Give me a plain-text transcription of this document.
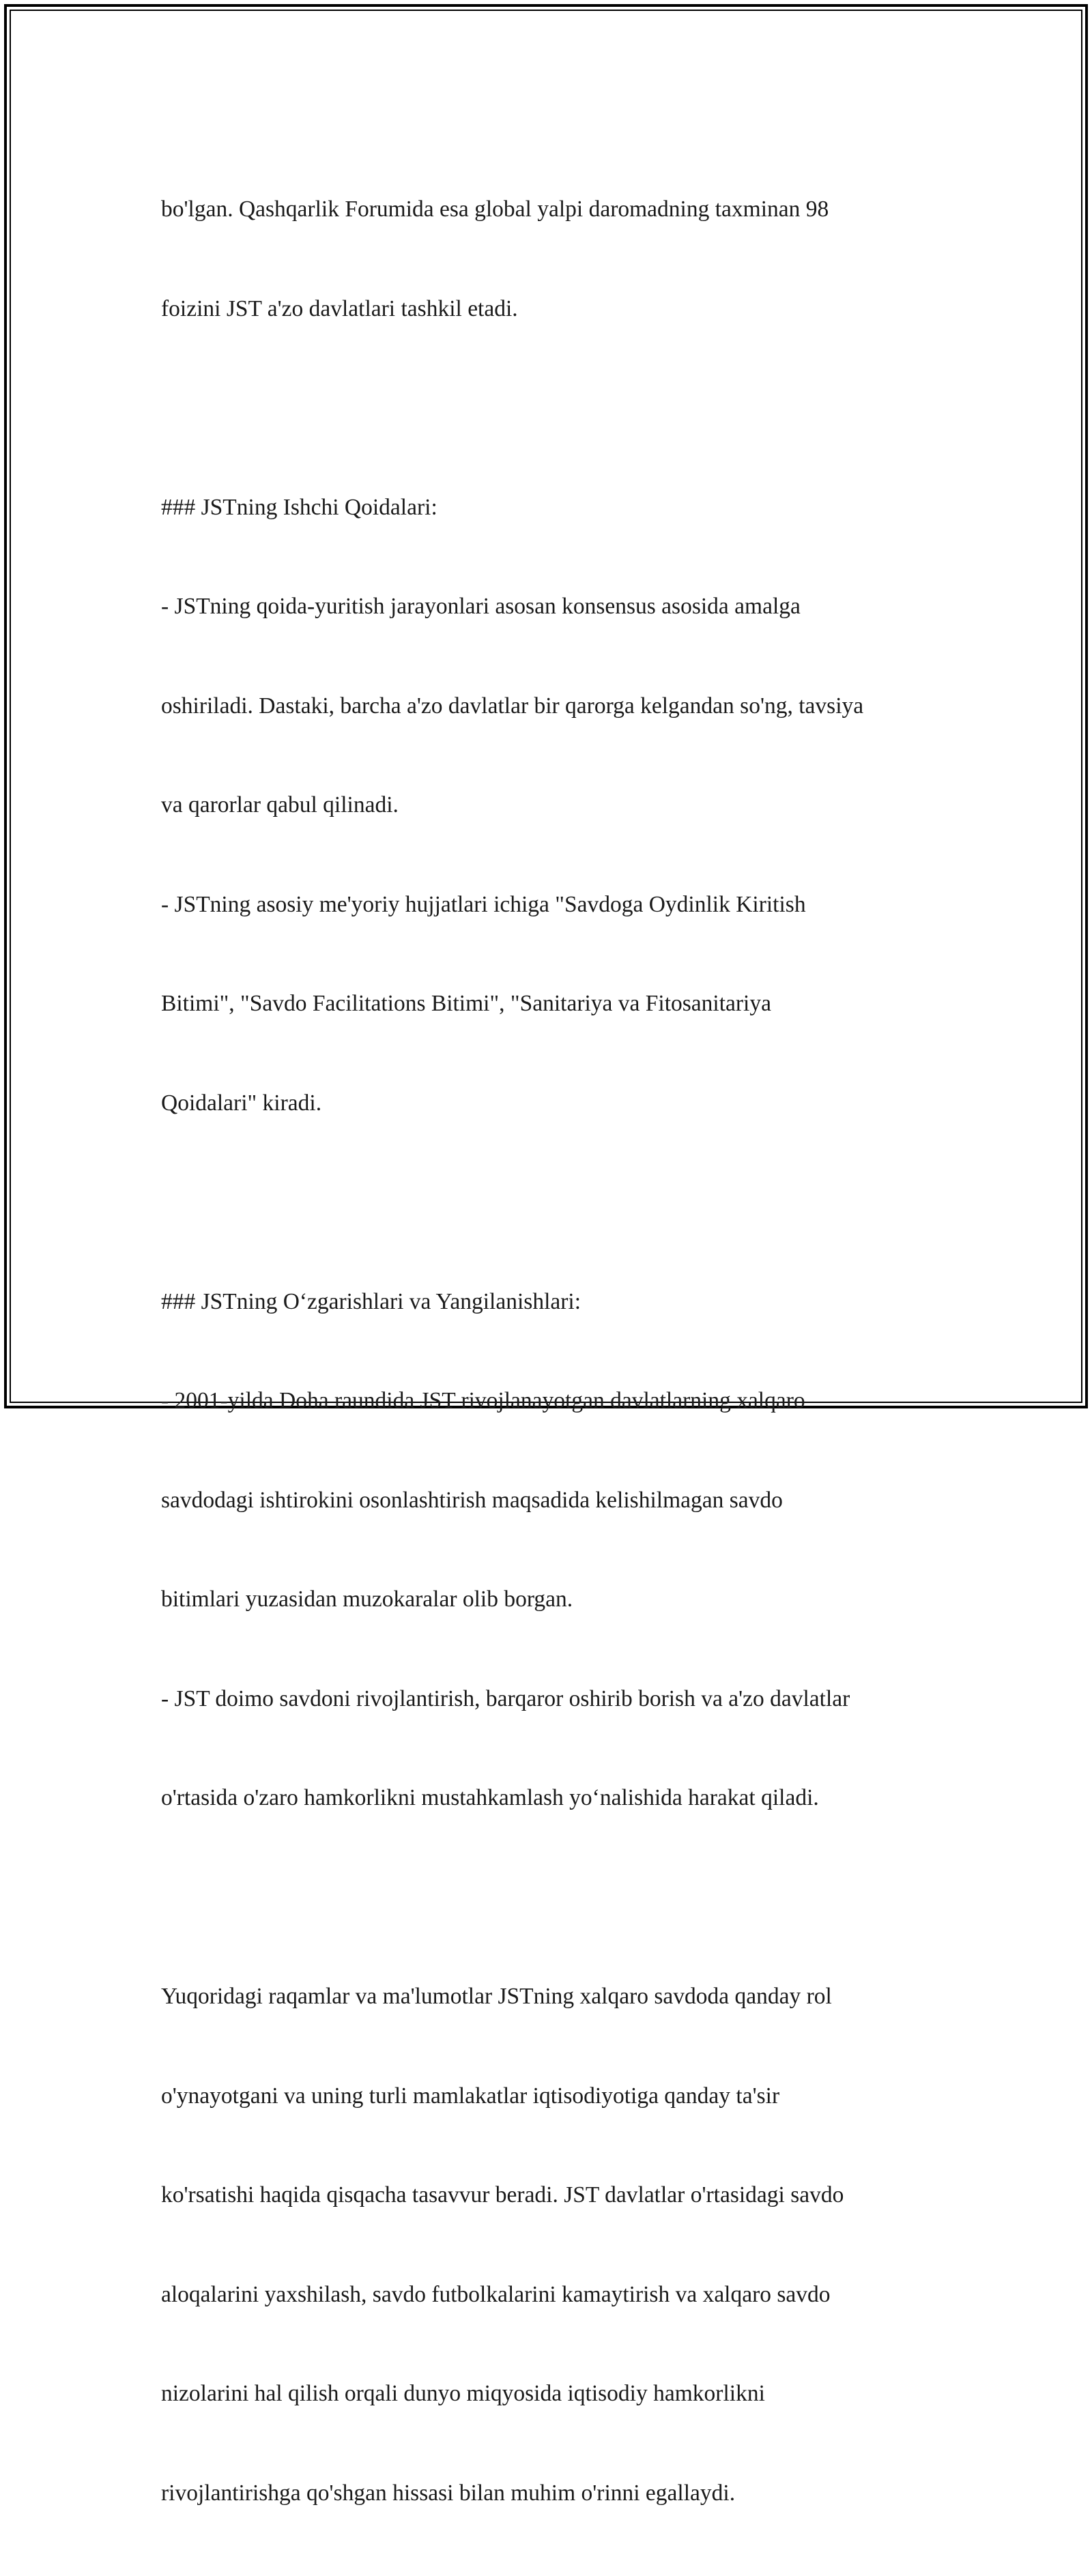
bo'lgan. Qashqarlik Forumida esa global yalpi daromadning taxminan 98

foizini JST a'zo davlatlari tashkil etadi.

### JSTning Ishchi Qoidalari:

- JSTning qoida-yuritish jarayonlari asosan konsensus asosida amalga

oshiriladi. Dastaki, barcha a'zo davlatlar bir qarorga kelgandan so'ng, tavsiya

va qarorlar qabul qilinadi.

- JSTning asosiy me'yoriy hujjatlari ichiga "Savdoga Oydinlik Kiritish

Bitimi", "Savdo Facilitations Bitimi", "Sanitariya va Fitosanitariya

Qoidalari" kiradi.

### JSTning O‘zgarishlari va Yangilanishlari:

- 2001-yilda Doha raundida JST rivojlanayotgan davlatlarning xalqaro

savdodagi ishtirokini osonlashtirish maqsadida kelishilmagan savdo

bitimlari yuzasidan muzokaralar olib borgan.

- JST doimo savdoni rivojlantirish, barqaror oshirib borish va a'zo davlatlar

o'rtasida o'zaro hamkorlikni mustahkamlash yo‘nalishida harakat qiladi.

Yuqoridagi raqamlar va ma'lumotlar JSTning xalqaro savdoda qanday rol

o'ynayotgani va uning turli mamlakatlar iqtisodiyotiga qanday ta'sir

ko'rsatishi haqida qisqacha tasavvur beradi. JST davlatlar o'rtasidagi savdo

aloqalarini yaxshilash, savdo futbolkalarini kamaytirish va xalqaro savdo

nizolarini hal qilish orqali dunyo miqyosida iqtisodiy hamkorlikni

rivojlantirishga qo'shgan hissasi bilan muhim o'rinni egallaydi.
